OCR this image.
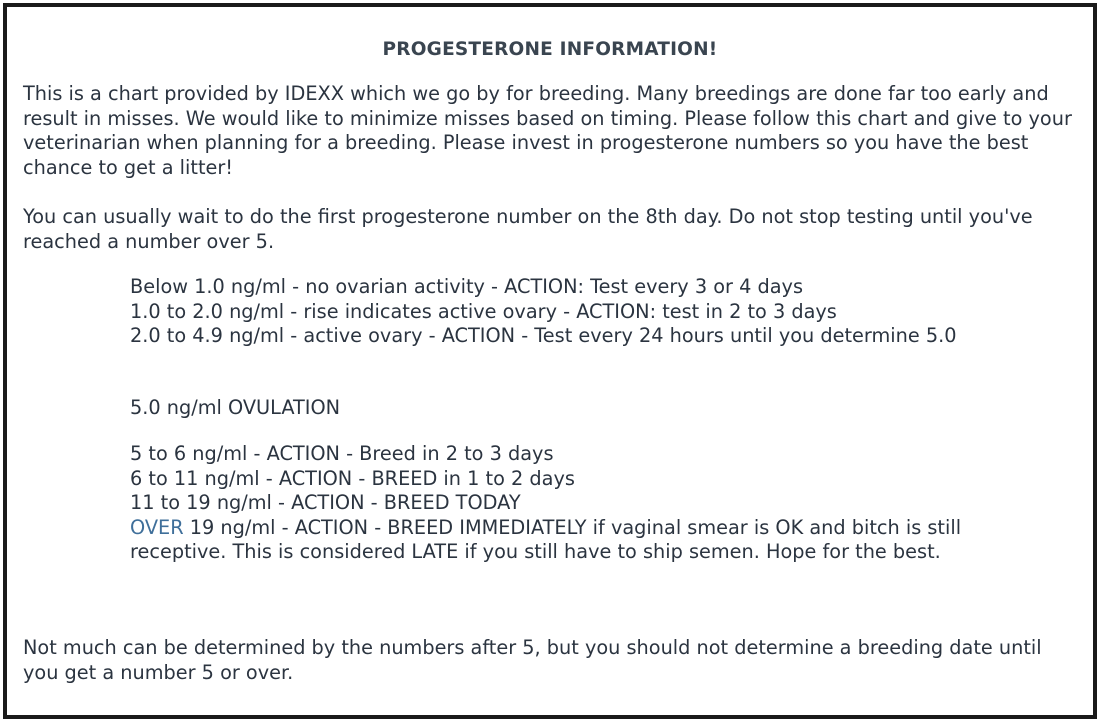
PROGESTERONE INFORMATION!

This is a chart provided by IDEXX which we go by for breeding. Many breedings are done far too early and result in misses. We would like to minimize misses based on timing. Please follow this chart and give to your veterinarian when planning for a breeding. Please invest in progesterone numbers so you have the best chance to get a litter!

You can usually wait to do the first progesterone number on the 8th day. Do not stop testing until you've reached a number over 5.

Below 1.0 ng/ml - no ovarian activity - ACTION: Test every 3 or 4 days
1.0 to 2.0 ng/ml - rise indicates active ovary - ACTION: test in 2 to 3 days
2.0 to 4.9 ng/ml - active ovary - ACTION - Test every 24 hours until you determine 5.0
5.0 ng/ml OVULATION
5 to 6 ng/ml - ACTION - Breed in 2 to 3 days
6 to 11 ng/ml - ACTION - BREED in 1 to 2 days
11 to 19 ng/ml - ACTION - BREED TODAY
OVER 19 ng/ml - ACTION - BREED IMMEDIATELY if vaginal smear is OK and bitch is still receptive. This is considered LATE if you still have to ship semen. Hope for the best.

Not much can be determined by the numbers after 5, but you should not determine a breeding date until you get a number 5 or over.
